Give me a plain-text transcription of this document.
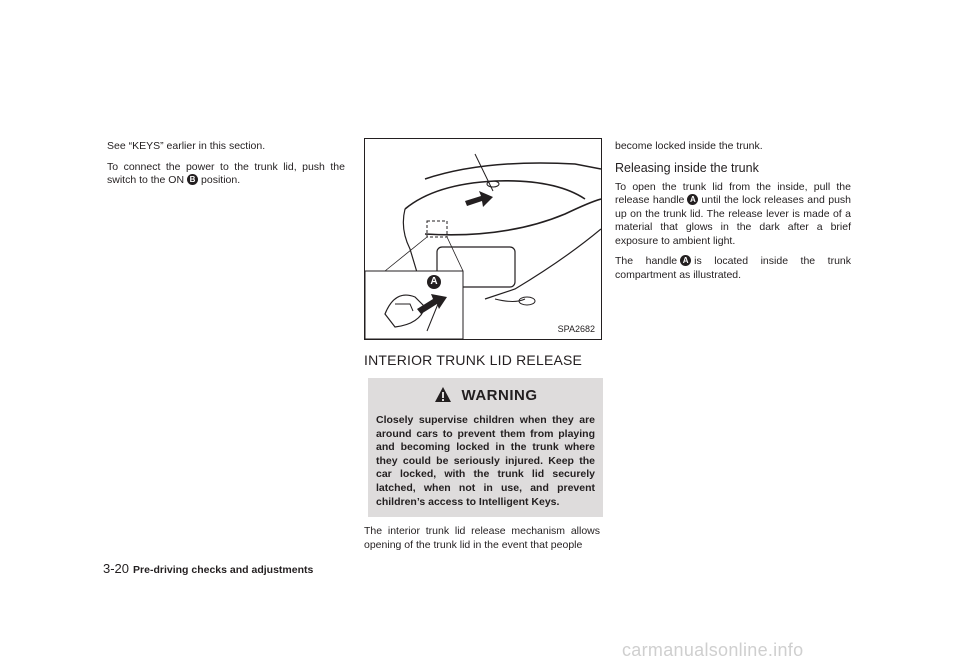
See “KEYS” earlier in this section.

To connect the power to the trunk lid, push the switch to the ON B position.

A
SPA2682
INTERIOR TRUNK LID RELEASE
WARNING

Closely supervise children when they are around cars to prevent them from playing and becoming locked in the trunk where they could be seriously injured. Keep the car locked, with the trunk lid securely latched, when not in use, and prevent children’s access to Intelligent Keys.

The interior trunk lid release mechanism allows opening of the trunk lid in the event that people

become locked inside the trunk.

Releasing inside the trunk

To open the trunk lid from the inside, pull the release handle A until the lock releases and push up on the trunk lid. The release lever is made of a material that glows in the dark after a brief exposure to ambient light.

The handle A is located inside the trunk compartment as illustrated.

3-20 Pre-driving checks and adjustments
carmanualsonline.info
